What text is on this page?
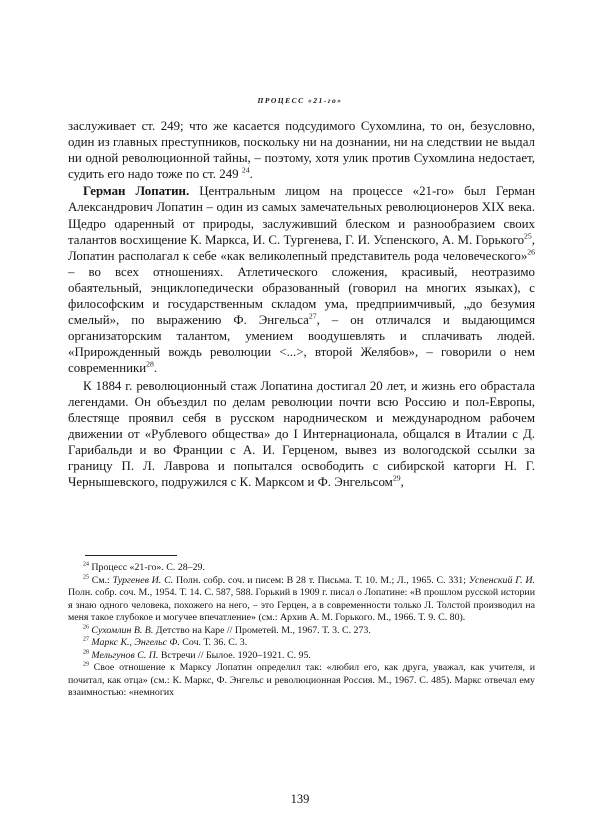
ПРОЦЕСС «21-го»

заслуживает ст. 249; что же касается подсудимого Сухомлина, то он, безусловно, один из главных преступников, поскольку ни на дознании, ни на следствии не выдал ни одной революционной тайны, – поэтому, хотя улик против Сухомлина недостает, судить его надо тоже по ст. 249 $^{24}$.

Герман Лопатин. Центральным лицом на процессе «21-го» был Герман Александрович Лопатин – один из самых замечательных революционеров XIX века. Щедро одаренный от природы, заслуживший блеском и разнообразием своих талантов восхищение К. Маркса, И. С. Тургенева, Г. И. Успенского, А. М. Горького$^{25}$, Лопатин располагал к себе «как великолепный представитель рода человеческого»$^{26}$ – во всех отношениях. Атлетического сложения, красивый, неотразимо обаятельный, энциклопедически образованный (говорил на многих языках), с философским и государственным складом ума, предприимчивый, „до безумия смелый», по выражению Ф. Энгельса$^{27}$, – он отличался и выдающимся организаторским талантом, умением воодушевлять и сплачивать людей. «Прирожденный вождь революции <...>, второй Желябов», – говорили о нем современники$^{28}$.

К 1884 г. революционный стаж Лопатина достигал 20 лет, и жизнь его обрастала легендами. Он объездил по делам революции почти всю Россию и пол-Европы, блестяще проявил себя в русском народническом и международном рабочем движении от «Рублевого общества» до I Интернационала, общался в Италии с Д. Гарибальди и во Франции с А. И. Герценом, вывез из вологодской ссылки за границу П. Л. Лаврова и попытался освободить с сибирской каторги Н. Г. Чернышевского, подружился с К. Марксом и Ф. Энгельсом$^{29}$,

$^{24}$ Процесс «21-го». С. 28–29.

$^{25}$ См.: Тургенев И. С. Полн. собр. соч. и писем: В 28 т. Письма. Т. 10. М.; Л., 1965. С. 331; Успенский Г. И. Полн. собр. соч. М., 1954. Т. 14. С. 587, 588. Горький в 1909 г. писал о Лопатине: «В прошлом русской истории я знаю одного человека, похожего на него, – это Герцен, а в современности только Л. Толстой производил на меня такое глубокое и могучее впечатление» (см.: Архив А. М. Горького. М., 1966. Т. 9. С. 80).

$^{26}$ Сухомлин В. В. Детство на Каре // Прометей. М., 1967. Т. 3. С. 273.

$^{27}$ Маркс К., Энгельс Ф. Соч. Т. 36. С. 3.

$^{28}$ Мельгунов С. П. Встречи // Былое. 1920–1921. С. 95.

$^{29}$ Свое отношение к Марксу Лопатин определил так: «любил его, как друга, уважал, как учителя, и почитал, как отца» (см.: К. Маркс, Ф. Энгельс и революционная Россия. М., 1967. С. 485). Маркс отвечал ему взаимностью: «немногих

139
